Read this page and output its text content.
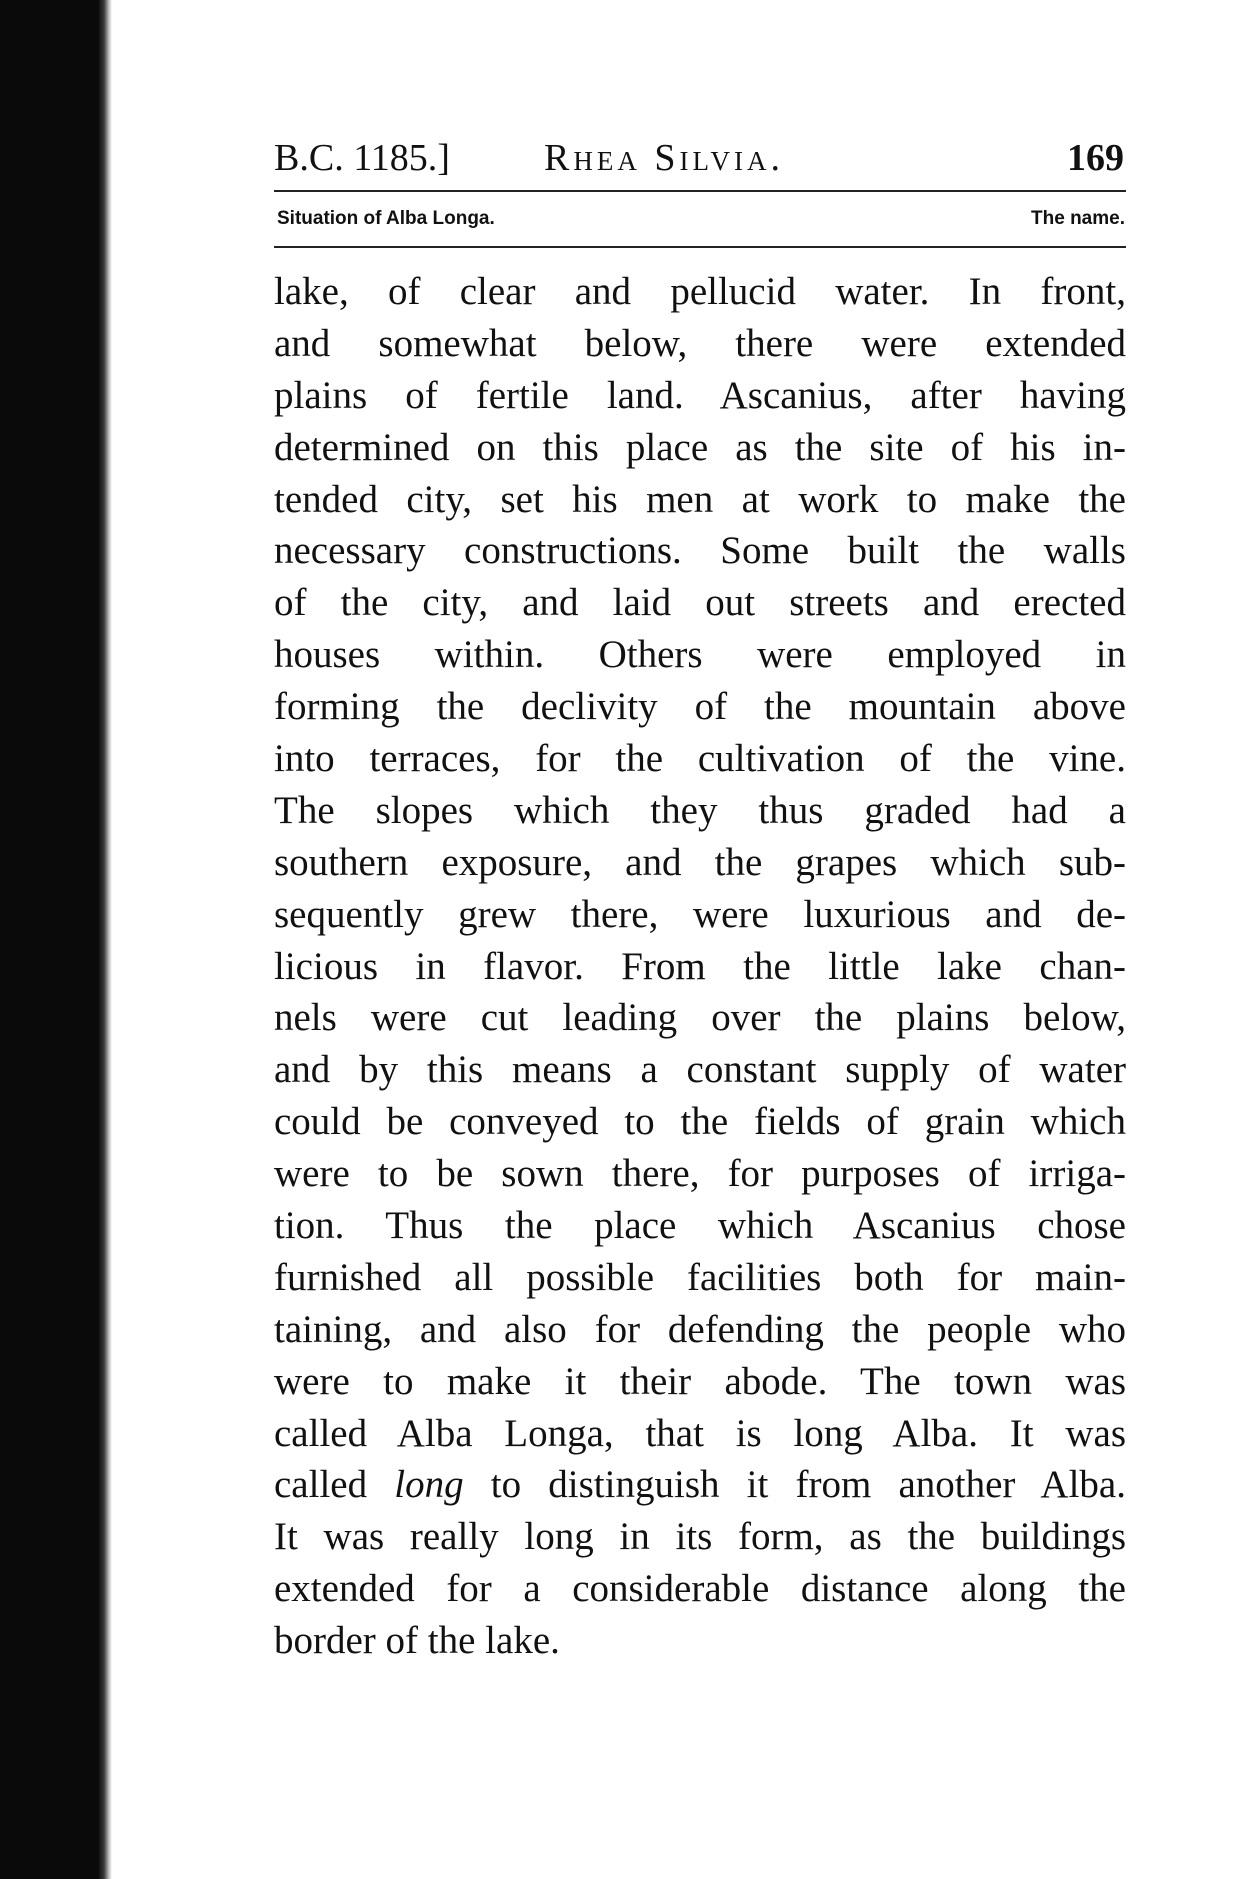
B.C. 1185.] Rhea Silvia.	169
Situation of Alba Longa.	The name.
lake, of clear and pellucid water. In front,
and somewhat below, there were extended
plains of fertile land. Ascanius, after having
determined on this place as the site of his in-
tended city, set his men at work to make the
necessary constructions. Some built the walls
of the city, and laid out streets and erected
houses within. Others were employed in
forming the declivity of the mountain above
into terraces, for the cultivation of the vine.
The slopes which they thus graded had a
southern exposure, and the grapes which sub-
sequently grew there, were luxurious and de-
licious in flavor. From the little lake chan-
nels were cut leading over the plains below,
and by this means a constant supply of water
could be conveyed to the fields of grain which
were to be sown there, for purposes of irriga-
tion. Thus the place which Ascanius chose
furnished all possible facilities both for main-
taining, and also for defending the people who
were to make it their abode. The town was
called Alba Longa, that is long Alba. It was
called long to distinguish it from another Alba.
It was really long in its form, as the buildings
extended for a considerable distance along the
border of the lake.
